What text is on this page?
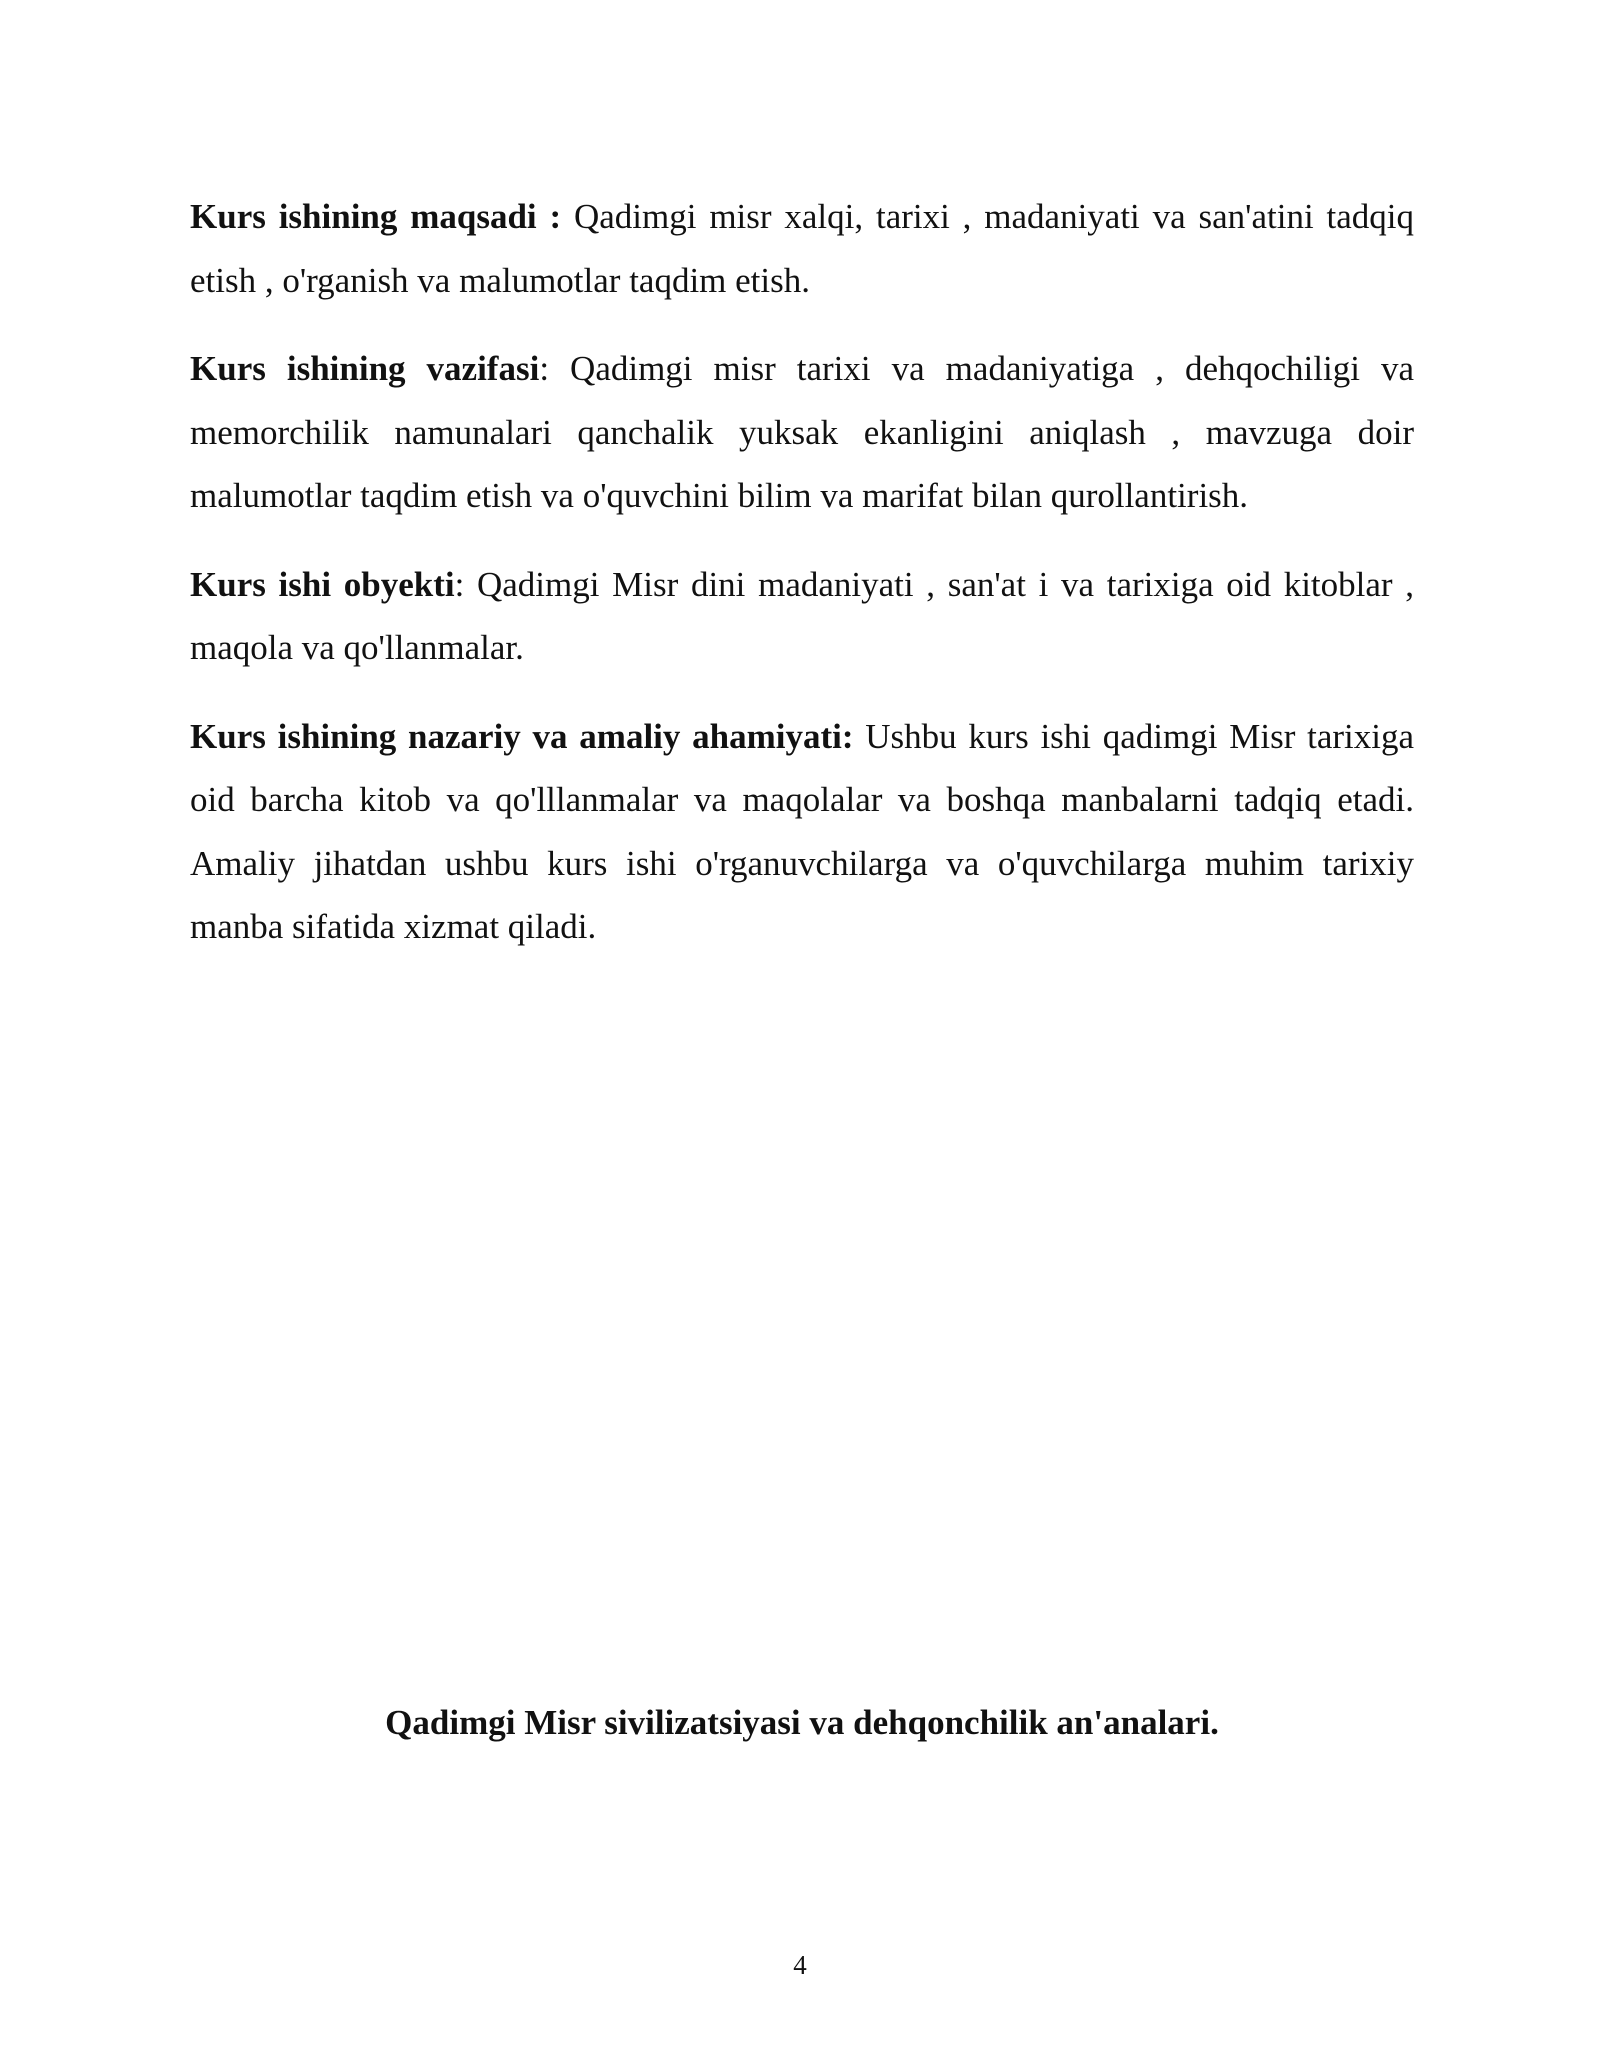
Kurs ishining maqsadi : Qadimgi misr xalqi, tarixi , madaniyati va san'atini tadqiq etish , o'rganish va malumotlar taqdim etish.

Kurs ishining vazifasi: Qadimgi misr tarixi va madaniyatiga , dehqochiligi va memorchilik namunalari qanchalik yuksak ekanligini aniqlash , mavzuga doir malumotlar taqdim etish va o'quvchini bilim va marifat bilan qurollantirish.

Kurs ishi obyekti: Qadimgi Misr dini madaniyati , san'at i va tarixiga oid kitoblar , maqola va qo'llanmalar.

Kurs ishining nazariy va amaliy ahamiyati: Ushbu kurs ishi qadimgi Misr tarixiga oid barcha kitob va qo'lllanmalar va maqolalar va boshqa manbalarni tadqiq etadi. Amaliy jihatdan ushbu kurs ishi o'rganuvchilarga va o'quvchilarga muhim tarixiy manba sifatida xizmat qiladi.

Qadimgi Misr sivilizatsiyasi va dehqonchilik an'analari.
4
